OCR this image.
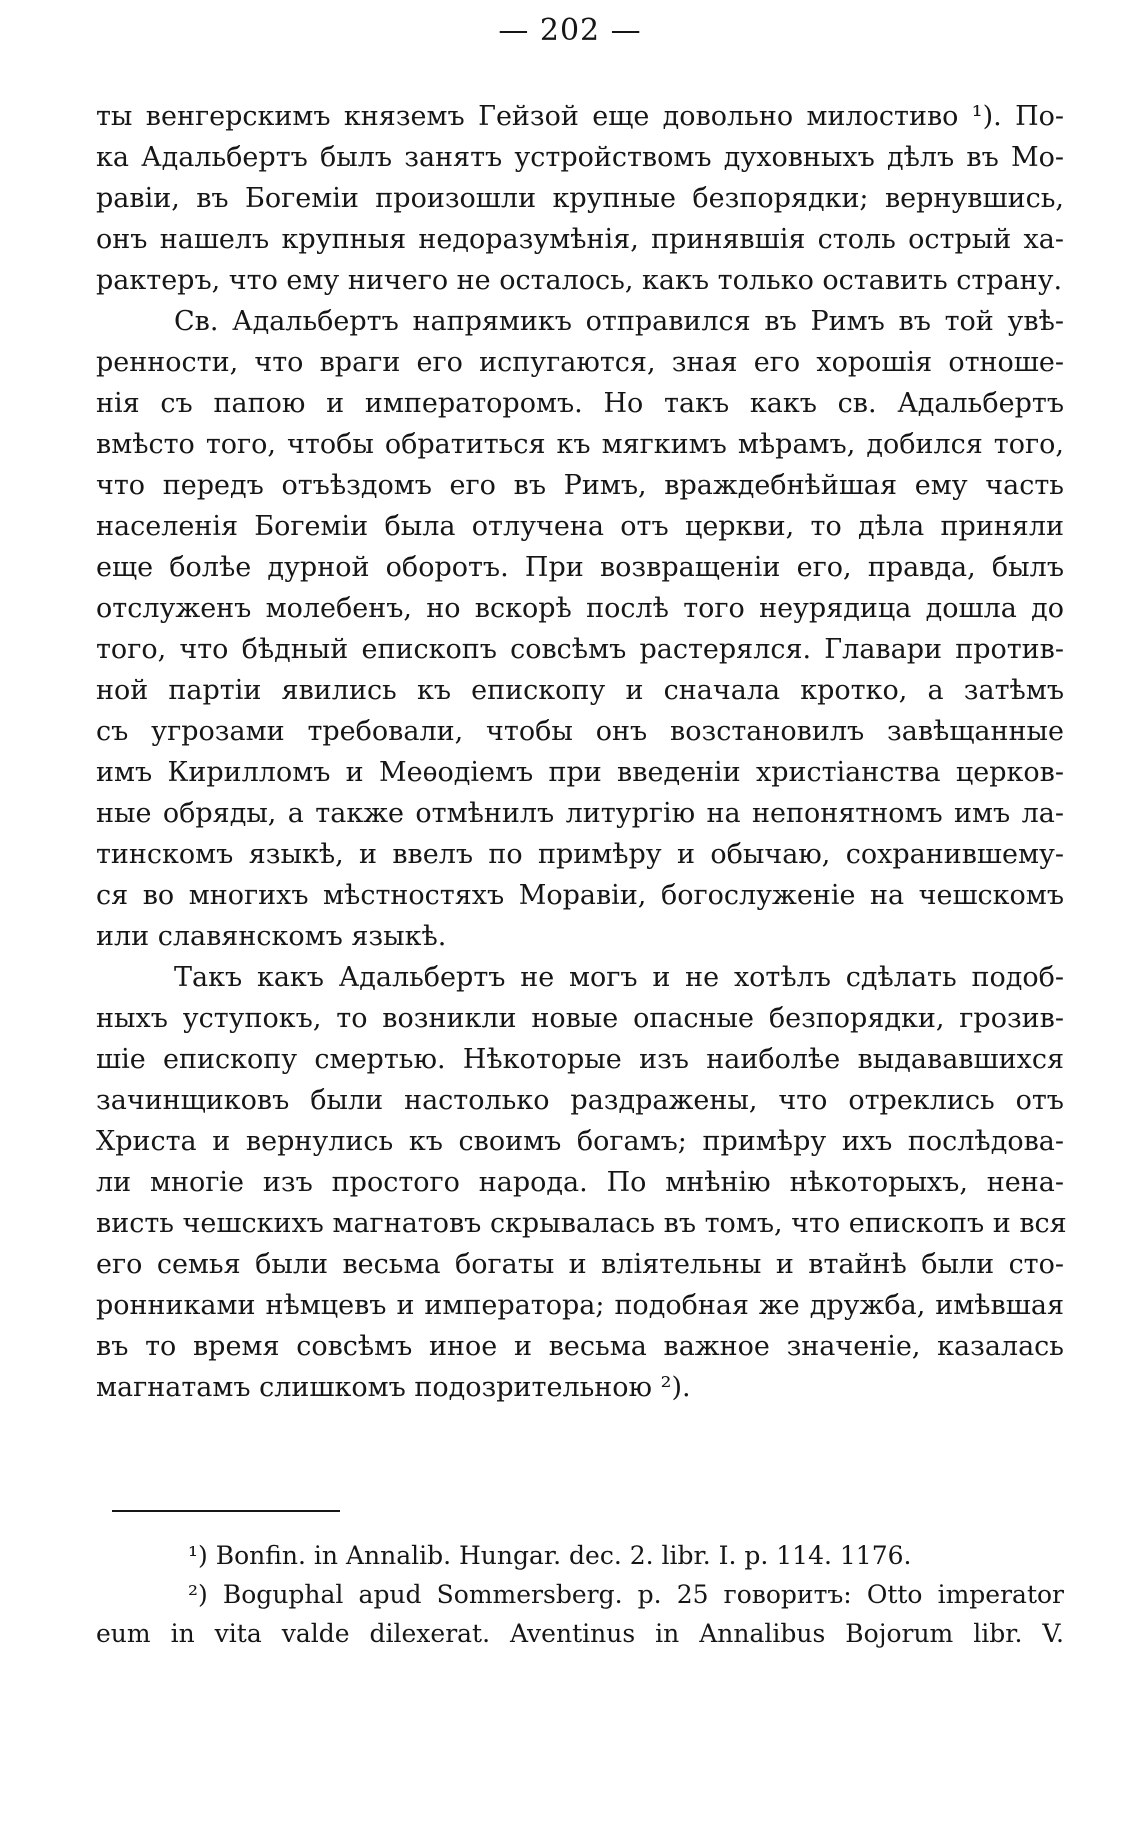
— 202 —
ты венгерскимъ княземъ Гейзой еще довольно милостиво ¹). По-
ка Адальбертъ былъ занятъ устройствомъ духовныхъ дѣлъ въ Мо-
равіи, въ Богеміи произошли крупные безпорядки; вернувшись,
онъ нашелъ крупныя недоразумѣнія, принявшія столь острый ха-
рактеръ, что ему ничего не осталось, какъ только оставить страну.
Св. Адальбертъ напрямикъ отправился въ Римъ въ той увѣ-
ренности, что враги его испугаются, зная его хорошія отноше-
нія съ папою и императоромъ. Но такъ какъ св. Адальбертъ
вмѣсто того, чтобы обратиться къ мягкимъ мѣрамъ, добился того,
что передъ отъѣздомъ его въ Римъ, враждебнѣйшая ему часть
населенія Богеміи была отлучена отъ церкви, то дѣла приняли
еще болѣе дурной оборотъ. При возвращеніи его, правда, былъ
отслуженъ молебенъ, но вскорѣ послѣ того неурядица дошла до
того, что бѣдный епископъ совсѣмъ растерялся. Главари против-
ной партіи явились къ епископу и сначала кротко, а затѣмъ
съ угрозами требовали, чтобы онъ возстановилъ завѣщанные
имъ Кирилломъ и Меѳодіемъ при введеніи христіанства церков-
ные обряды, а также отмѣнилъ литургію на непонятномъ имъ ла-
тинскомъ языкѣ, и ввелъ по примѣру и обычаю, сохранившему-
ся во многихъ мѣстностяхъ Моравіи, богослуженіе на чешскомъ
или славянскомъ языкѣ.
Такъ какъ Адальбертъ не могъ и не хотѣлъ сдѣлать подоб-
ныхъ уступокъ, то возникли новые опасные безпорядки, грозив-
шіе епископу смертью. Нѣкоторые изъ наиболѣе выдававшихся
зачинщиковъ были настолько раздражены, что отреклись отъ
Христа и вернулись къ своимъ богамъ; примѣру ихъ послѣдова-
ли многіе изъ простого народа. По мнѣнію нѣкоторыхъ, нена-
висть чешскихъ магнатовъ скрывалась въ томъ, что епископъ и вся
его семья были весьма богаты и вліятельны и втайнѣ были сто-
ронниками нѣмцевъ и императора; подобная же дружба, имѣвшая
въ то время совсѣмъ иное и весьма важное значеніе, казалась
магнатамъ слишкомъ подозрительною ²).
¹) Bonfin. in Annalib. Hungar. dec. 2. libr. I. p. 114. 1176.
²) Boguphal apud Sommersberg. p. 25 говоритъ: Otto imperator
eum in vita valde dilexerat. Aventinus in Annalibus Bojorum libr. V.
